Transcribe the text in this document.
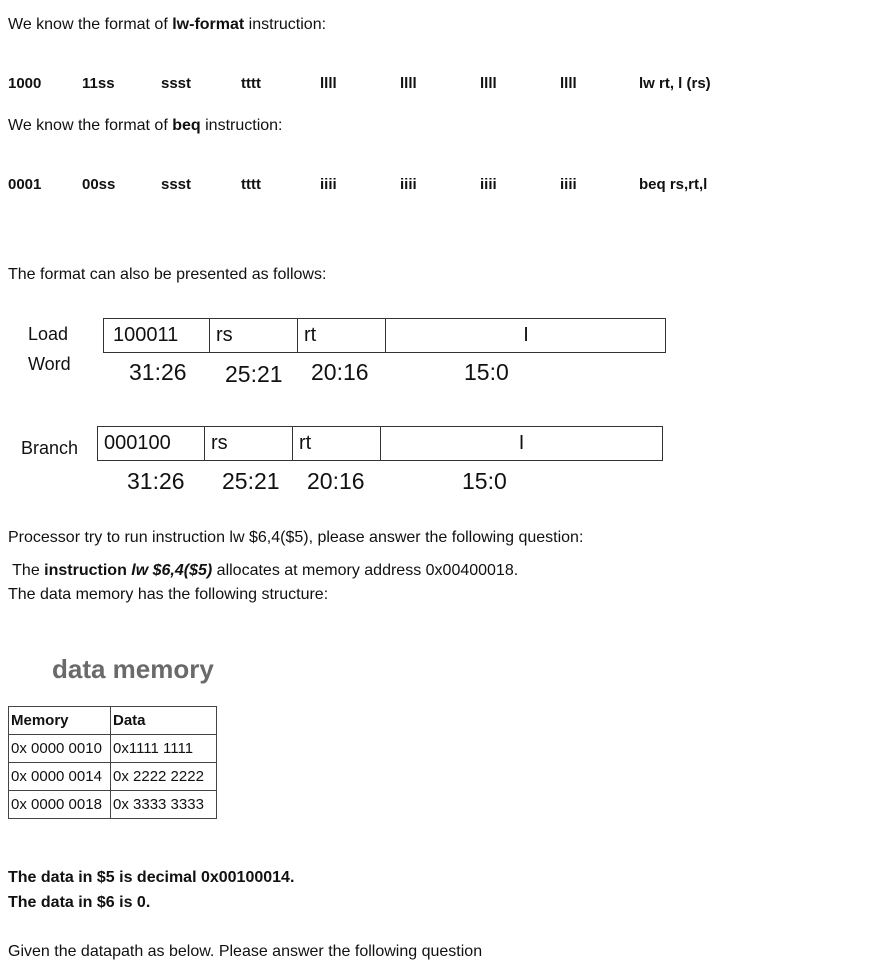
We know the format of lw-format instruction:
1000	11ss	ssst	tttt	llll	llll	llll	llll	lw rt, l (rs)
We know the format of beq instruction:
0001	00ss	ssst	tttt	iiii	iiii	iiii	iiii	beq rs,rt,l
The format can also be presented as follows:
Load
Word
100011	rs	rt	I
31:26 25:21 20:16	15:0
Branch	000100	rs	rt	I
31:26 25:21 20:16	15:0
Processor try to run instruction lw $6,4($5), please answer the following question:
The instruction lw $6,4($5) allocates at memory address 0x00400018.
The data memory has the following structure:
data memory
Memory	Data
0x 0000 0010	0x1111 1111
0x 0000 0014	0x 2222 2222
0x 0000 0018	0x 3333 3333
The data in $5 is decimal 0x00100014.
The data in $6 is 0.
Given the datapath as below. Please answer the following question
